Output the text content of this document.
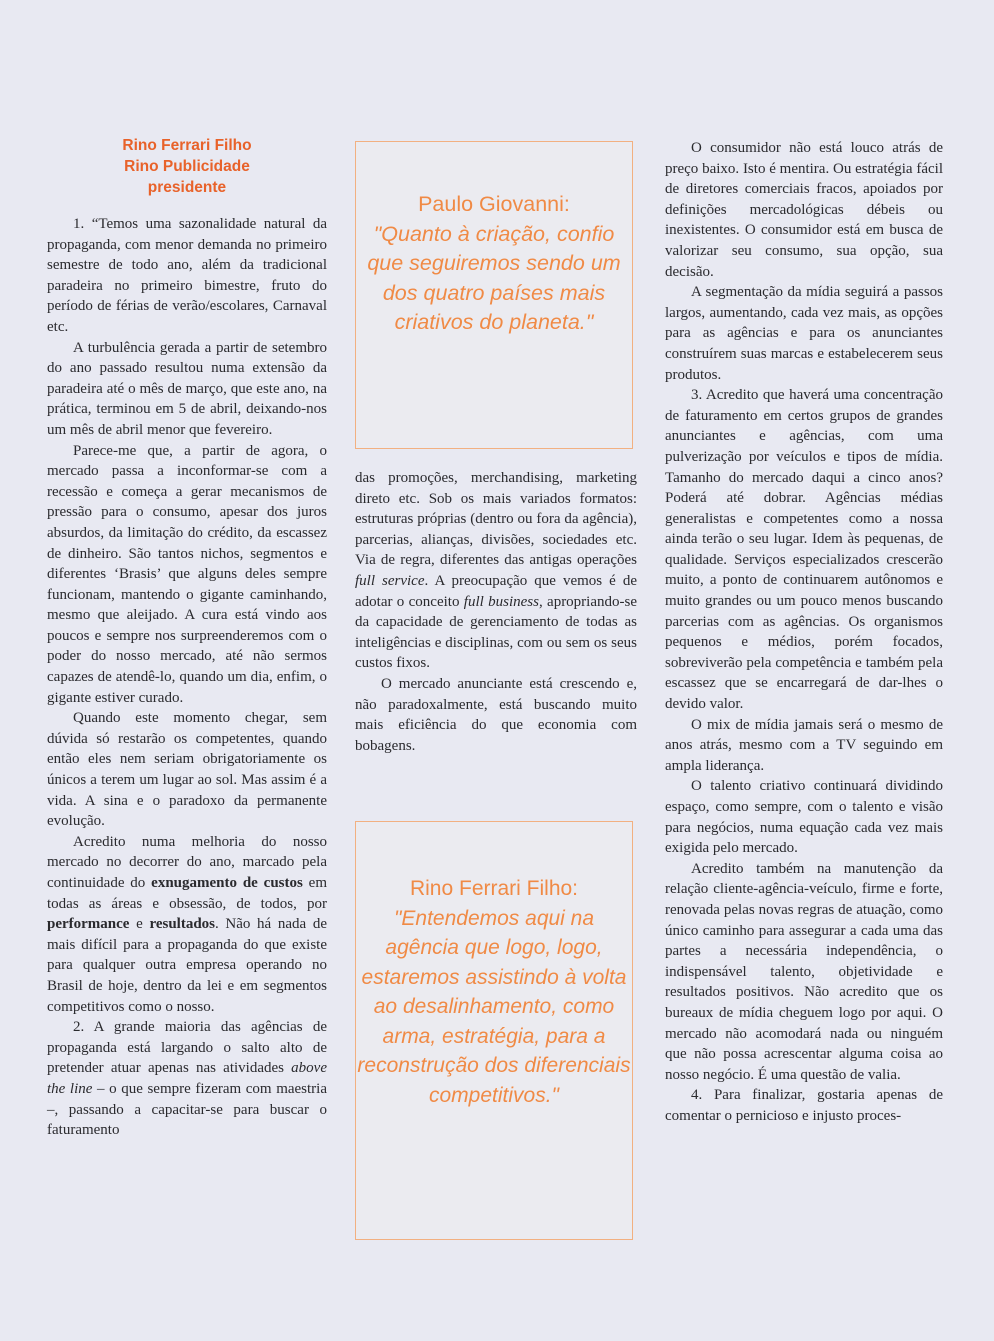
Rino Ferrari Filho
Rino Publicidade
presidente

1. “Temos uma sazonalidade natural da propaganda, com menor demanda no primeiro semestre de todo ano, além da tradicional paradeira no primeiro bimestre, fruto do período de férias de verão/escolares, Carnaval etc.

A turbulência gerada a partir de setembro do ano passado resultou numa extensão da paradeira até o mês de março, que este ano, na prática, terminou em 5 de abril, deixando-nos um mês de abril menor que fevereiro.

Parece-me que, a partir de agora, o mercado passa a inconformar-se com a recessão e começa a gerar mecanismos de pressão para o consumo, apesar dos juros absurdos, da limitação do crédito, da escassez de dinheiro. São tantos nichos, segmentos e diferentes ‘Brasis’ que alguns deles sempre funcionam, mantendo o gigante caminhando, mesmo que aleijado. A cura está vindo aos poucos e sempre nos surpreenderemos com o poder do nosso mercado, até não sermos capazes de atendê-lo, quando um dia, enfim, o gigante estiver curado.

Quando este momento chegar, sem dúvida só restarão os competentes, quando então eles nem seriam obrigatoriamente os únicos a terem um lugar ao sol. Mas assim é a vida. A sina e o paradoxo da permanente evolução.

Acredito numa melhoria do nosso mercado no decorrer do ano, marcado pela continuidade do exnugamento de custos em todas as áreas e obsessão, de todos, por performance e resultados. Não há nada de mais difícil para a propaganda do que existe para qualquer outra empresa operando no Brasil de hoje, dentro da lei e em segmentos competitivos como o nosso.

2. A grande maioria das agências de propaganda está largando o salto alto de pretender atuar apenas nas atividades above the line – o que sempre fizeram com maestria –, passando a capacitar-se para buscar o faturamento

Paulo Giovanni:
"Quanto à criação, confio que seguiremos sendo um dos quatro países mais criativos do planeta."

das promoções, merchandising, marketing direto etc. Sob os mais variados formatos: estruturas próprias (dentro ou fora da agência), parcerias, alianças, divisões, sociedades etc. Via de regra, diferentes das antigas operações full service. A preocupação que vemos é de adotar o conceito full business, apropriando-se da capacidade de gerenciamento de todas as inteligências e disciplinas, com ou sem os seus custos fixos.

O mercado anunciante está crescendo e, não paradoxalmente, está buscando muito mais eficiência do que economia com bobagens.

Rino Ferrari Filho:
"Entendemos aqui na agência que logo, logo, estaremos assistindo à volta ao desalinhamento, como arma, estratégia, para a reconstrução dos diferenciais competitivos."

O consumidor não está louco atrás de preço baixo. Isto é mentira. Ou estratégia fácil de diretores comerciais fracos, apoiados por definições mercadológicas débeis ou inexistentes. O consumidor está em busca de valorizar seu consumo, sua opção, sua decisão.

A segmentação da mídia seguirá a passos largos, aumentando, cada vez mais, as opções para as agências e para os anunciantes construírem suas marcas e estabelecerem seus produtos.

3. Acredito que haverá uma concentração de faturamento em certos grupos de grandes anunciantes e agências, com uma pulverização por veículos e tipos de mídia. Tamanho do mercado daqui a cinco anos? Poderá até dobrar. Agências médias generalistas e competentes como a nossa ainda terão o seu lugar. Idem às pequenas, de qualidade. Serviços especializados crescerão muito, a ponto de continuarem autônomos e muito grandes ou um pouco menos buscando parcerias com as agências. Os organismos pequenos e médios, porém focados, sobreviverão pela competência e também pela escassez que se encarregará de dar-lhes o devido valor.

O mix de mídia jamais será o mesmo de anos atrás, mesmo com a TV seguindo em ampla liderança.

O talento criativo continuará dividindo espaço, como sempre, com o talento e visão para negócios, numa equação cada vez mais exigida pelo mercado.

Acredito também na manutenção da relação cliente-agência-veículo, firme e forte, renovada pelas novas regras de atuação, como único caminho para assegurar a cada uma das partes a necessária independência, o indispensável talento, objetividade e resultados positivos. Não acredito que os bureaux de mídia cheguem logo por aqui. O mercado não acomodará nada ou ninguém que não possa acrescentar alguma coisa ao nosso negócio. É uma questão de valia.

4. Para finalizar, gostaria apenas de comentar o pernicioso e injusto proces-
